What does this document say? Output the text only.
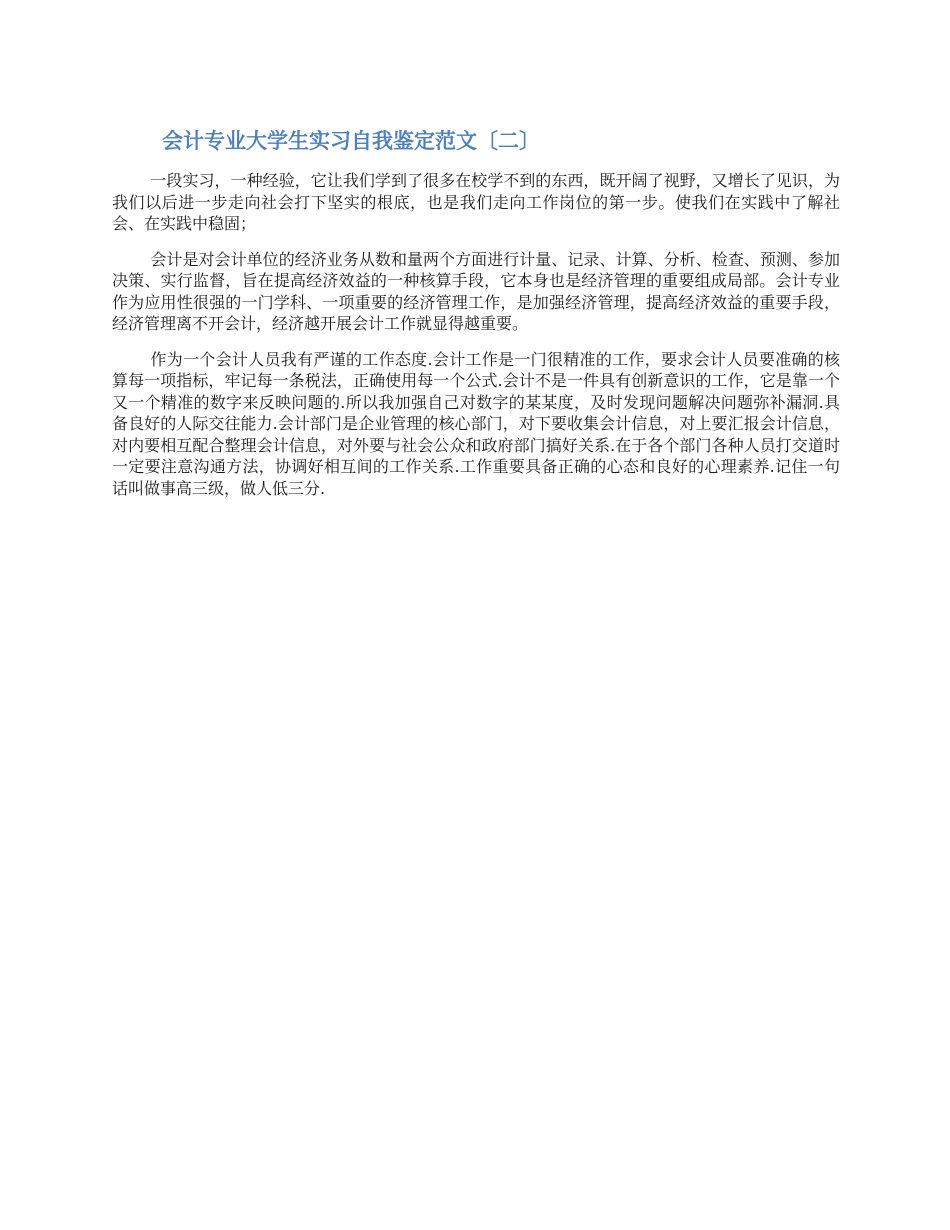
会计专业大学生实习自我鉴定范文〔二〕

一段实习，一种经验，它让我们学到了很多在校学不到的东西，既开阔了视野，又增长了见识，为我们以后进一步走向社会打下坚实的根底，也是我们走向工作岗位的第一步。使我们在实践中了解社会、在实践中稳固；

会计是对会计单位的经济业务从数和量两个方面进行计量、记录、计算、分析、检查、预测、参加决策、实行监督，旨在提高经济效益的一种核算手段，它本身也是经济管理的重要组成局部。会计专业作为应用性很强的一门学科、一项重要的经济管理工作，是加强经济管理，提高经济效益的重要手段，经济管理离不开会计，经济越开展会计工作就显得越重要。

作为一个会计人员我有严谨的工作态度.会计工作是一门很精准的工作，要求会计人员要准确的核算每一项指标，牢记每一条税法，正确使用每一个公式.会计不是一件具有创新意识的工作，它是靠一个又一个精准的数字来反映问题的.所以我加强自己对数字的某某度，及时发现问题解决问题弥补漏洞.具备良好的人际交往能力.会计部门是企业管理的核心部门，对下要收集会计信息，对上要汇报会计信息，对内要相互配合整理会计信息，对外要与社会公众和政府部门搞好关系.在于各个部门各种人员打交道时一定要注意沟通方法，协调好相互间的工作关系.工作重要具备正确的心态和良好的心理素养.记住一句话叫做事高三级，做人低三分.
